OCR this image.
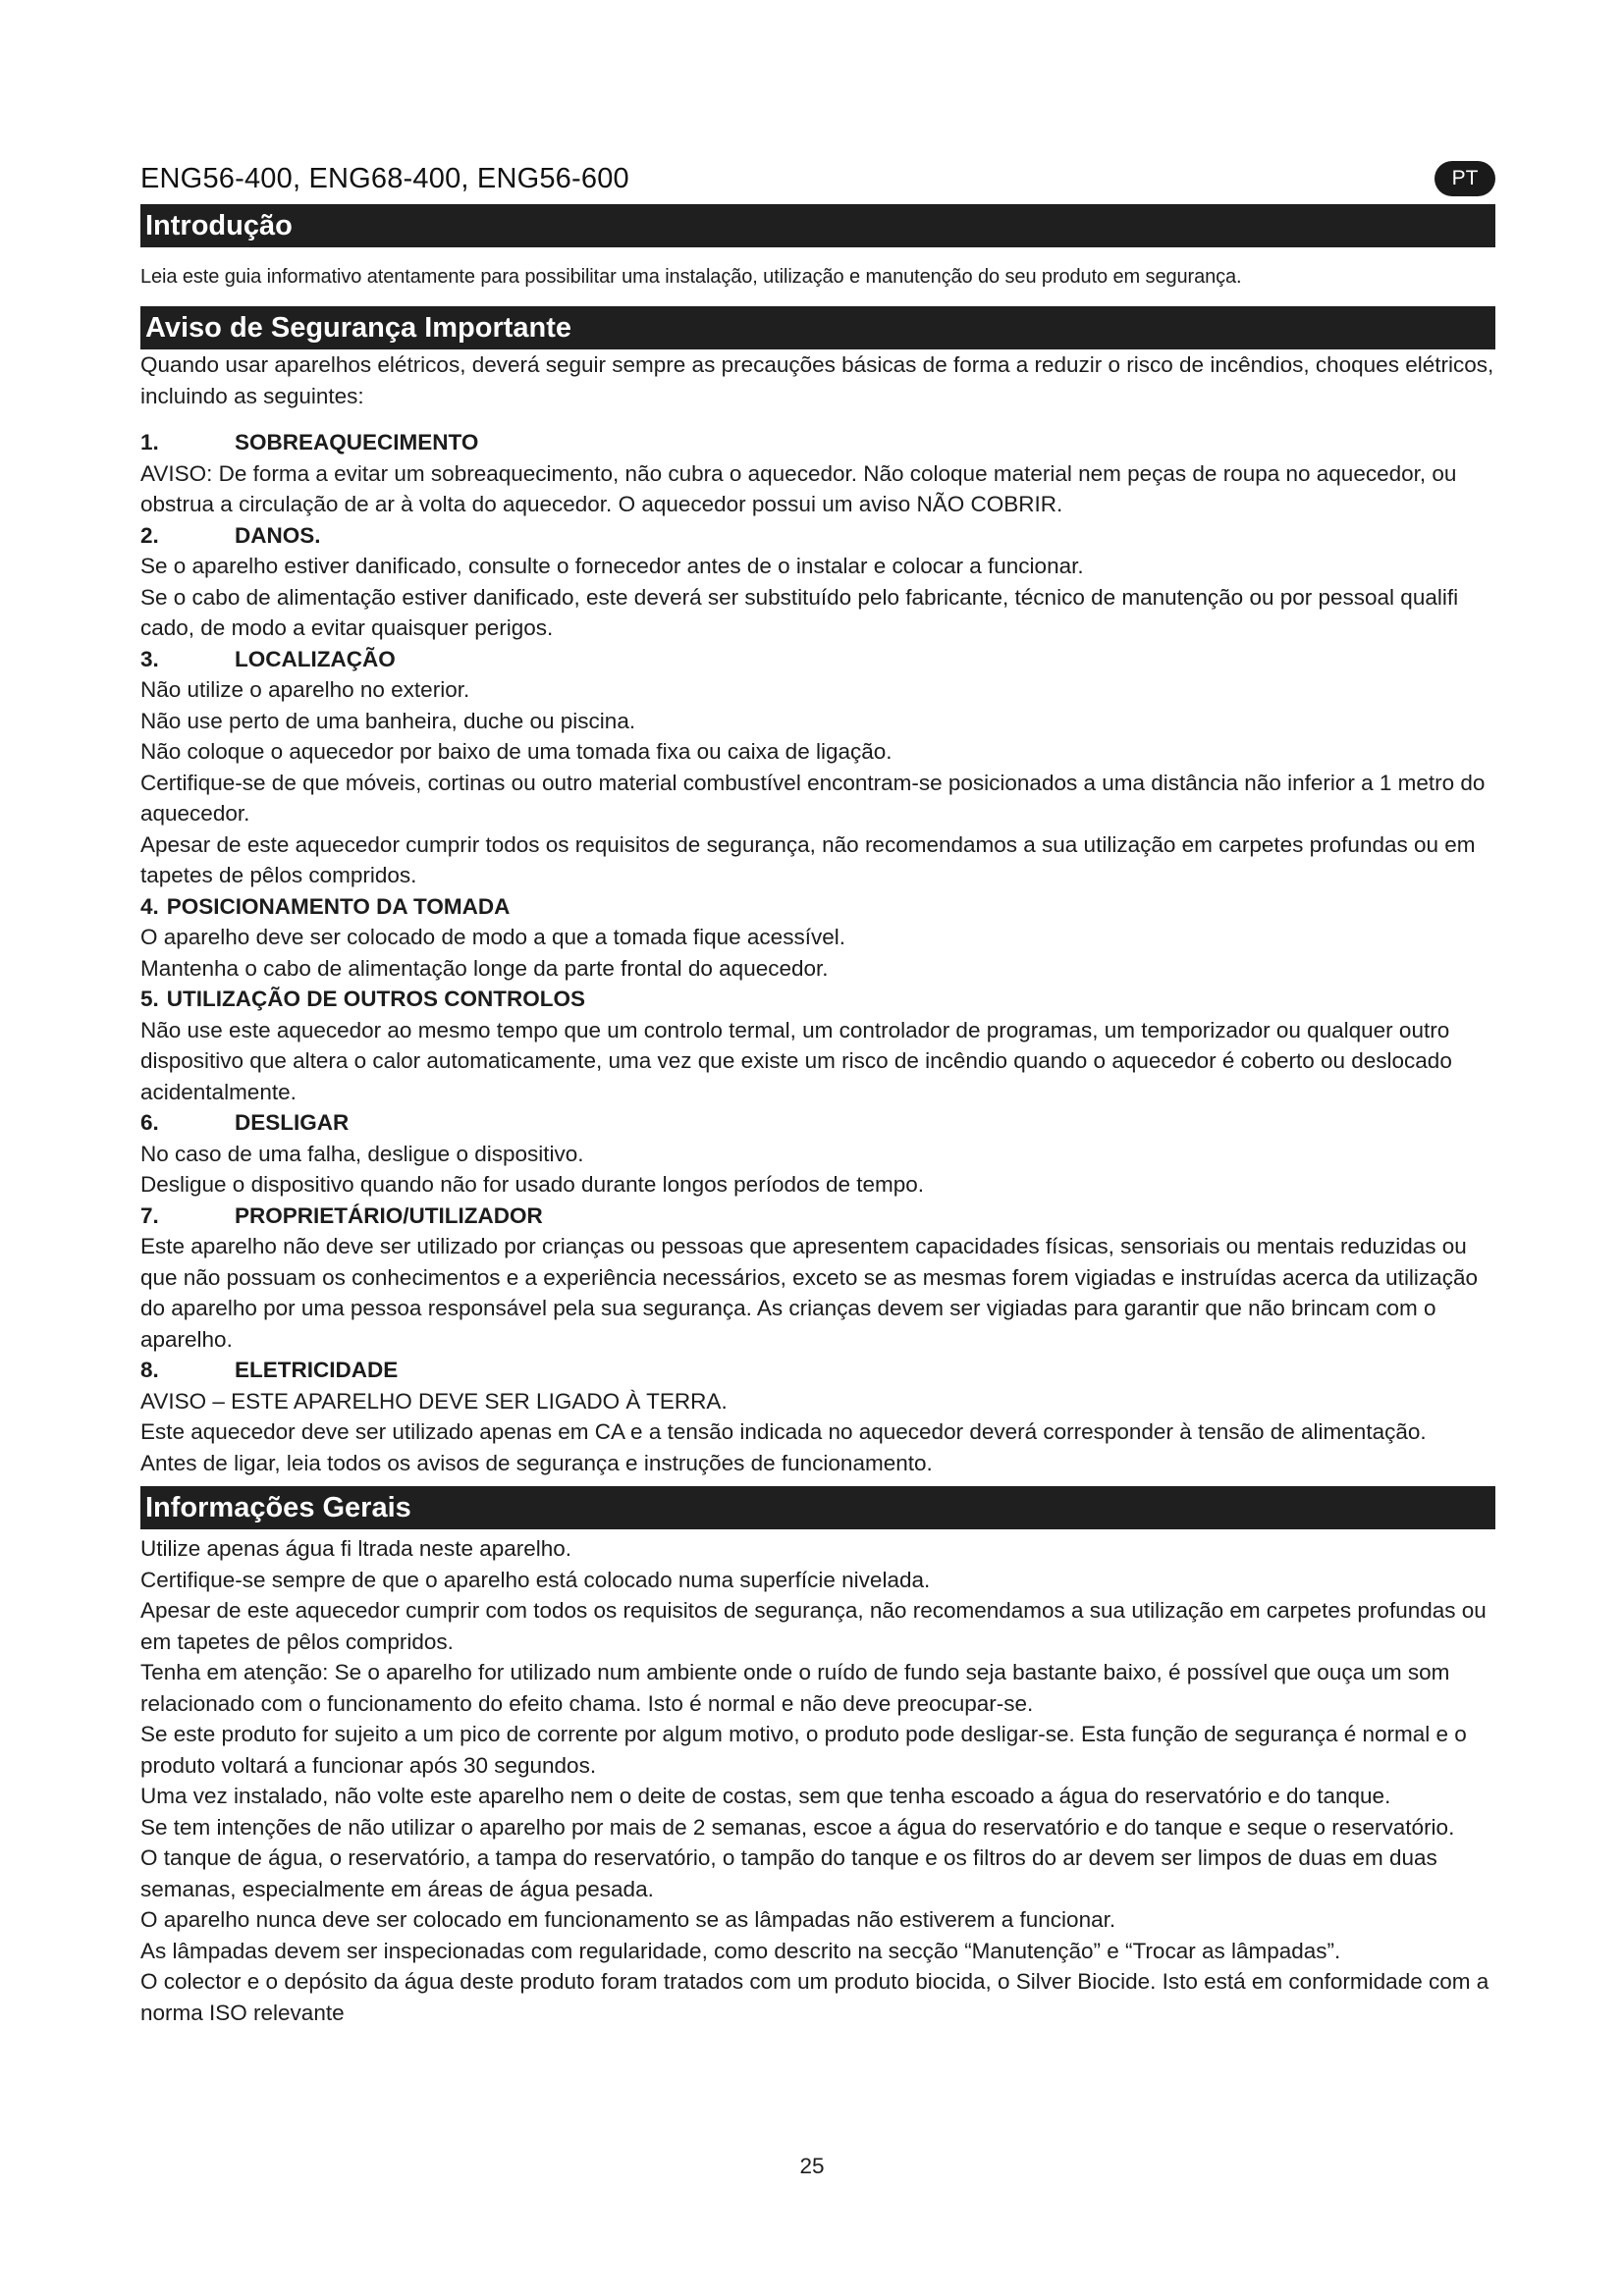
ENG56-400, ENG68-400, ENG56-600	PT
Introdução

Leia este guia informativo atentamente para possibilitar uma instalação, utilização e manutenção do seu produto em segurança.

Aviso de Segurança Importante

Quando usar aparelhos elétricos, deverá seguir sempre as precauções básicas de forma a reduzir o risco de incêndios, choques elétricos, incluindo as seguintes:

1.	SOBREAQUECIMENTO

AVISO: De forma a evitar um sobreaquecimento, não cubra o aquecedor. Não coloque material nem peças de roupa no aquecedor, ou obstrua a circulação de ar à volta do aquecedor. O aquecedor possui um aviso NÃO COBRIR.

2.	DANOS.

Se o aparelho estiver danificado, consulte o fornecedor antes de o instalar e colocar a funcionar.

Se o cabo de alimentação estiver danificado, este deverá ser substituído pelo fabricante, técnico de manutenção ou por pessoal qualifi cado, de modo a evitar quaisquer perigos.

3.	LOCALIZAÇÃO

Não utilize o aparelho no exterior.

Não use perto de uma banheira, duche ou piscina.

Não coloque o aquecedor por baixo de uma tomada fixa ou caixa de ligação.

Certifique-se de que móveis, cortinas ou outro material combustível encontram-se posicionados a uma distância não inferior a 1 metro do aquecedor.

Apesar de este aquecedor cumprir todos os requisitos de segurança, não recomendamos a sua utilização em carpetes profundas ou em tapetes de pêlos compridos.

4. POSICIONAMENTO DA TOMADA

O aparelho deve ser colocado de modo a que a tomada fique acessível.

Mantenha o cabo de alimentação longe da parte frontal do aquecedor.

5. UTILIZAÇÃO DE OUTROS CONTROLOS

Não use este aquecedor ao mesmo tempo que um controlo termal, um controlador de programas, um temporizador ou qualquer outro dispositivo que altera o calor automaticamente, uma vez que existe um risco de incêndio quando o aquecedor é coberto ou deslocado acidentalmente.

6.	DESLIGAR

No caso de uma falha, desligue o dispositivo.

Desligue o dispositivo quando não for usado durante longos períodos de tempo.

7.	PROPRIETÁRIO/UTILIZADOR

Este aparelho não deve ser utilizado por crianças ou pessoas que apresentem capacidades físicas, sensoriais ou mentais reduzidas ou que não possuam os conhecimentos e a experiência necessários, exceto se as mesmas forem vigiadas e instruídas acerca da utilização do aparelho por uma pessoa responsável pela sua segurança. As crianças devem ser vigiadas para garantir que não brincam com o aparelho.

8.	ELETRICIDADE

AVISO – ESTE APARELHO DEVE SER LIGADO À TERRA.

Este aquecedor deve ser utilizado apenas em CA e a tensão indicada no aquecedor deverá corresponder à tensão de alimentação.

Antes de ligar, leia todos os avisos de segurança e instruções de funcionamento.

Informações Gerais

Utilize apenas água fi ltrada neste aparelho.

Certifique-se sempre de que o aparelho está colocado numa superfície nivelada.

Apesar de este aquecedor cumprir com todos os requisitos de segurança, não recomendamos a sua utilização em carpetes profundas ou em tapetes de pêlos compridos.

Tenha em atenção: Se o aparelho for utilizado num ambiente onde o ruído de fundo seja bastante baixo, é possível que ouça um som relacionado com o funcionamento do efeito chama. Isto é normal e não deve preocupar-se.

Se este produto for sujeito a um pico de corrente por algum motivo, o produto pode desligar-se. Esta função de segurança é normal e o produto voltará a funcionar após 30 segundos.

Uma vez instalado, não volte este aparelho nem o deite de costas, sem que tenha escoado a água do reservatório e do tanque.

Se tem intenções de não utilizar o aparelho por mais de 2 semanas, escoe a água do reservatório e do tanque e seque o reservatório.

O tanque de água, o reservatório, a tampa do reservatório, o tampão do tanque e os filtros do ar devem ser limpos de duas em duas semanas, especialmente em áreas de água pesada.

O aparelho nunca deve ser colocado em funcionamento se as lâmpadas não estiverem a funcionar.

As lâmpadas devem ser inspecionadas com regularidade, como descrito na secção “Manutenção” e “Trocar as lâmpadas”.

O colector e o depósito da água deste produto foram tratados com um produto biocida, o Silver Biocide. Isto está em conformidade com a norma ISO relevante

25
